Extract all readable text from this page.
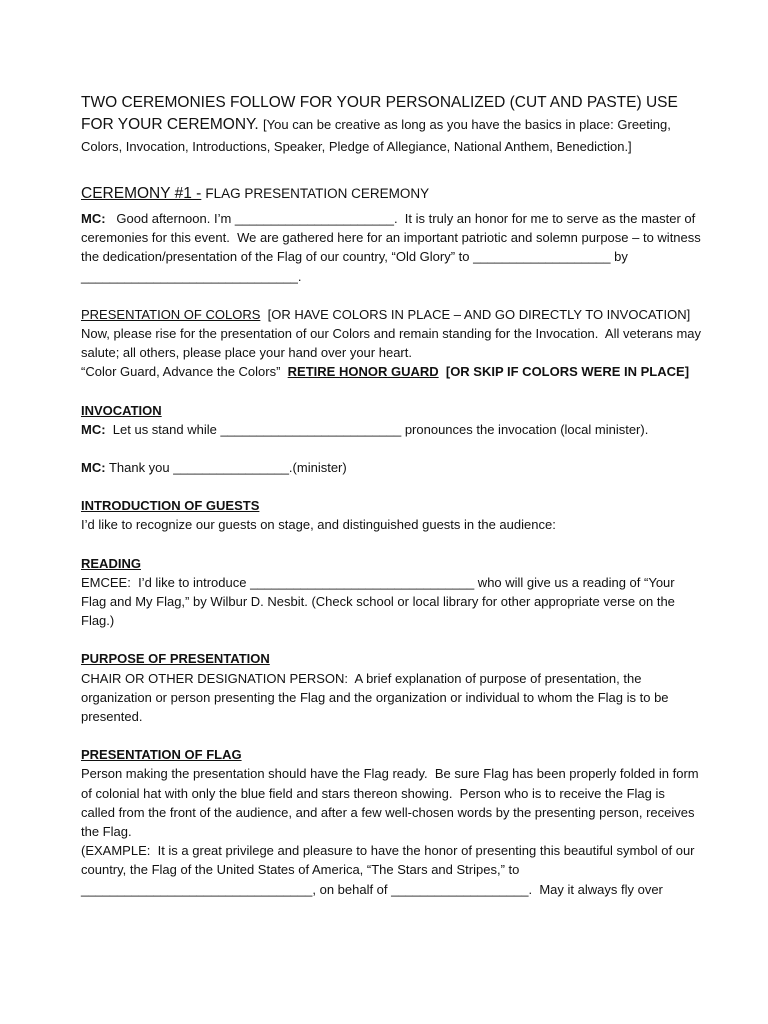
TWO CEREMONIES FOLLOW FOR YOUR PERSONALIZED (CUT AND PASTE) USE FOR YOUR CEREMONY. [You can be creative as long as you have the basics in place: Greeting, Colors, Invocation, Introductions, Speaker, Pledge of Allegiance, National Anthem, Benediction.]

CEREMONY #1 - FLAG PRESENTATION CEREMONY

MC: Good afternoon. I’m ______________________.  It is truly an honor for me to serve as the master of ceremonies for this event.  We are gathered here for an important patriotic and solemn purpose – to witness the dedication/presentation of the Flag of our country, “Old Glory” to ___________________ by ______________________________.

PRESENTATION OF COLORS [OR HAVE COLORS IN PLACE – AND GO DIRECTLY TO INVOCATION]

Now, please rise for the presentation of our Colors and remain standing for the Invocation.  All veterans may salute; all others, please place your hand over your heart.

“Color Guard, Advance the Colors” RETIRE HONOR GUARD [OR SKIP IF COLORS WERE IN PLACE]

INVOCATION

MC: Let us stand while _________________________ pronounces the invocation (local minister).

MC: Thank you ________________.(minister)

INTRODUCTION OF GUESTS

I’d like to recognize our guests on stage, and distinguished guests in the audience:

READING

EMCEE:  I’d like to introduce _______________________________ who will give us a reading of “Your Flag and My Flag,” by Wilbur D. Nesbit. (Check school or local library for other appropriate verse on the Flag.)

PURPOSE OF PRESENTATION

CHAIR OR OTHER DESIGNATION PERSON:  A brief explanation of purpose of presentation, the organization or person presenting the Flag and the organization or individual to whom the Flag is to be presented.

PRESENTATION OF FLAG

Person making the presentation should have the Flag ready.  Be sure Flag has been properly folded in form of colonial hat with only the blue field and stars thereon showing.  Person who is to receive the Flag is called from the front of the audience, and after a few well-chosen words by the presenting person, receives the Flag.

(EXAMPLE:  It is a great privilege and pleasure to have the honor of presenting this beautiful symbol of our country, the Flag of the United States of America, “The Stars and Stripes,” to ________________________________, on behalf of ___________________.  May it always fly over
